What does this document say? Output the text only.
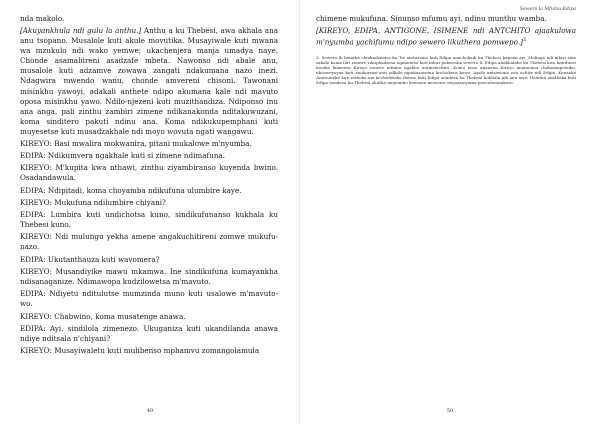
nda makolo.

[Akuyankhula ndi gulu la anthu.] Anthu a ku Thebesi, awa akhala ana anu tsopano. Musalole kuti akule movutika. Musayiwale kuti mwana wa mzukulo ndi wako yemwe; ukachenjera manja umadya naye. Chonde asamaliireni asadzafe mbeta. Nawonso ndi abale anu, musalole kuti adzamve zowawa zangati ndakumana nazo inezi. Ndagwira mwendo wanu, chonde amvereni chisoni. Tawonani misinkhu yawoyi, adakali anthete ndipo akumana kale ndi mavuto oposa misinkhu yawo. Ndilo-njezeni kuti muzithandiza. Ndiponso inu ana anga, pali zinthu zambiri zimene ndikanakonda nditakuwuzani, koma sinditero pakuti ndinu ana. Koma ndikukupemphani kuti muyesetse kuti musadzakhale ndi moyo wovuta ngati wangawu.

KIREYO: Basi mwalira mokwanira, pitani mukalowe m'nyumba.

EDIPA: Ndikumvera ngakhale kuti si zimene ndimafuna.

KIREYO: M'kupita kwa nthawi, zinthu ziyambiranso kuyenda bwino. Osadandawula.

EDIPA: Ndipitadi, koma choyamba ndikufuna ulumbire kaye.

KIREYO: Mukufuna ndilumbire chiyani?

EDIPA: Lumbira kuti undichotsa kuno, sindikufunanso kukhala ku Thebesi kuno.

KIREYO: Ndi mulungu yekha amene angakuchitireni zomwe mukufu-nazo.

EDIPA: Ukutanthauza kuti wavomera?

KIREYO: Musandiyike mawu mkamwa. Ine sindikufuna kumayankha ndisanaganize. Ndimawopa kudzilowetsa m'mavuto.

EDIPA: Ndiyetu nditulutse mumzinda muno kuti usalowe m'mavuto-wo.

KIREYO: Chabwino, koma musatenge anawa.

EDIPA: Ayi, sindilola zimenezo. Ukuganiza kuti ukandilanda anawa ndiye nditsala n'chiyani?

KIREYO: Musayiwaletu kuti mulibenso mphamvu zomangolamula

49
Sewero la Mfumu Edipa

chimene mukufuna. Sinunso mfumu ayi, ndinu munthu wamba.

[KIREYO, EDIPA, ANTIGONE, ISIMENE ndi ANTCHITO ajaakulowa m'nyumba yachifumu ndipo sewero likuthera pomwepo.]$^3$

3. Sewero ili limatha chiakudzitsira ku 'he motwizino kuti Edipa anachokadi ku Thebesi kapena ayi. Malinga ndi mbiri zina zakale koma iliri zomwe zikuphadzesa nganentso kuti mbiri pokwesha sewero li. Edipa anakhalabe ku Thebesi kwa kanthawi monka kumvera Kireyo zomwe mfumu ngakhe mumeinchiro. Koma enso ananena Kireyo anamonna chakumapetsiko, nkosweyoyaa kuti anakorrazi-anti adkale mpakuzawona kuchokera kowo. Apolo amzawona zoti achite ndi Edipa. Kenaake Anawoneka kuti mthoko ina kechedweko ikonso kuti Edipa anadeza ku Thebesi kukhala ndi ana awo. Hendeti zindhaka kuti Edipa anadeza ku Thebesi akutha mnyumbo konsona mowona owyazaniyama poncalemunkezo.
50
